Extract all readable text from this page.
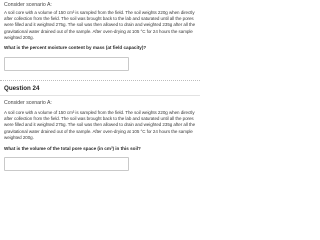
Consider scenario A:
A soil core with a volume of 150 cm³ is sampled from the field. The soil weights 220g when directly after collection from the field. The soil was brought back to the lab and saturated until all the pores were filled and it weighted 275g. The soil was then allowed to drain and weighted 235g after all the gravitational water drained out of the sample. After oven-drying at 105 °C for 24 hours the sample weighted 200g.
What is the percent moisture content by mass (at field capacity)?
Question 24
Consider scenario A:
A soil core with a volume of 150 cm³ is sampled from the field. The soil weights 220g when directly after collection from the field. The soil was brought back to the lab and saturated until all the pores were filled and it weighted 275g. The soil was then allowed to drain and weighted 235g after all the gravitational water drained out of the sample. After oven-drying at 105 °C for 24 hours the sample weighted 200g.
What is the volume of the total pore space (in cm³) in this soil?
